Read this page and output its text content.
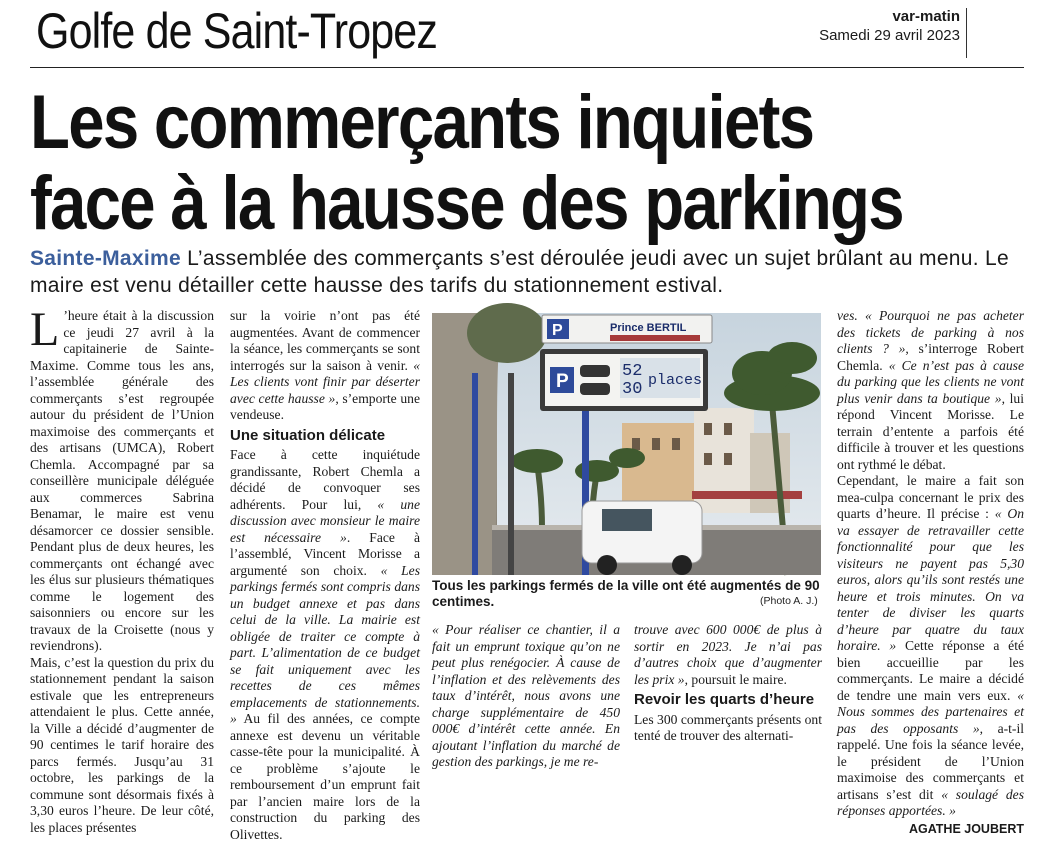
Golfe de Saint-Tropez	var-matin
Samedi 29 avril 2023
Les commerçants inquiets
face à la hausse des parkings
Sainte-Maxime L’assemblée des commerçants s’est déroulée jeudi avec un sujet brûlant au menu. Le maire est venu détailler cette hausse des tarifs du stationnement estival.

L ’heure était à la discussion ce jeudi 27 avril à la capitainerie de Sainte-Maxime. Comme tous les ans, l’assemblée générale des commerçants s’est regroupée autour du président de l’Union maximoise des commerçants et des artisans (UMCA), Robert Chemla. Accompagné par sa conseillère municipale déléguée aux commerces Sabrina Benamar, le maire est venu désamorcer ce dossier sensible. Pendant plus de deux heures, les commerçants ont échangé avec les élus sur plusieurs thématiques comme le logement des saisonniers ou encore sur les travaux de la Croisette (nous y reviendrons).

Mais, c’est la question du prix du stationnement pendant la saison estivale que les entrepreneurs attendaient le plus. Cette année, la Ville a décidé d’augmenter de 90 centimes le tarif horaire des parcs fermés. Jusqu’au 31 octobre, les parkings de la commune sont désormais fixés à 3,30 euros l’heure. De leur côté, les places présentes

sur la voirie n’ont pas été augmentées. Avant de commencer la séance, les commerçants se sont interrogés sur la saison à venir. « Les clients vont finir par déserter avec cette hausse », s’emporte une vendeuse.

Une situation délicate

Face à cette inquiétude grandissante, Robert Chemla a décidé de convoquer ses adhérents. Pour lui, « une discussion avec monsieur le maire est nécessaire ». Face à l’assemblé, Vincent Morisse a argumenté son choix. « Les parkings fermés sont compris dans un budget annexe et pas dans celui de la ville. La mairie est obligée de traiter ce compte à part. L’alimentation de ce budget se fait uniquement avec les recettes de ces mêmes emplacements de stationnements. » Au fil des années, ce compte annexe est devenu un véritable casse-tête pour la municipalité. À ce problème s’ajoute le remboursement d’un emprunt fait par l’ancien maire lors de la construction du parking des Olivettes.

P	Prince BERTIL
P	52
30 places
Tous les parkings fermés de la ville ont été augmentés de 90 centimes.	(Photo A. J.)

« Pour réaliser ce chantier, il a fait un emprunt toxique qu’on ne peut plus renégocier. À cause de l’inflation et des relèvements des taux d’intérêt, nous avons une charge supplémentaire de 450 000€ d’intérêt cette année. En ajoutant l’inflation du marché de gestion des parkings, je me re-

trouve avec 600 000€ de plus à sortir en 2023. Je n’ai pas d’autres choix que d’augmenter les prix », poursuit le maire.

Revoir les quarts d’heure

Les 300 commerçants présents ont tenté de trouver des alternati-

ves. « Pourquoi ne pas acheter des tickets de parking à nos clients ? », s’interroge Robert Chemla. « Ce n’est pas à cause du parking que les clients ne vont plus venir dans ta boutique », lui répond Vincent Morisse. Le terrain d’entente a parfois été difficile à trouver et les questions ont rythmé le débat.

Cependant, le maire a fait son mea-culpa concernant le prix des quarts d’heure. Il précise : « On va essayer de retravailler cette fonctionnalité pour que les visiteurs ne payent pas 5,30 euros, alors qu’ils sont restés une heure et trois minutes. On va tenter de diviser les quarts d’heure par quatre du taux horaire. » Cette réponse a été bien accueillie par les commerçants. Le maire a décidé de tendre une main vers eux. « Nous sommes des partenaires et pas des opposants », a-t-il rappelé. Une fois la séance levée, le président de l’Union maximoise des commerçants et artisans s’est dit « soulagé des réponses apportées. »

AGATHE JOUBERT
